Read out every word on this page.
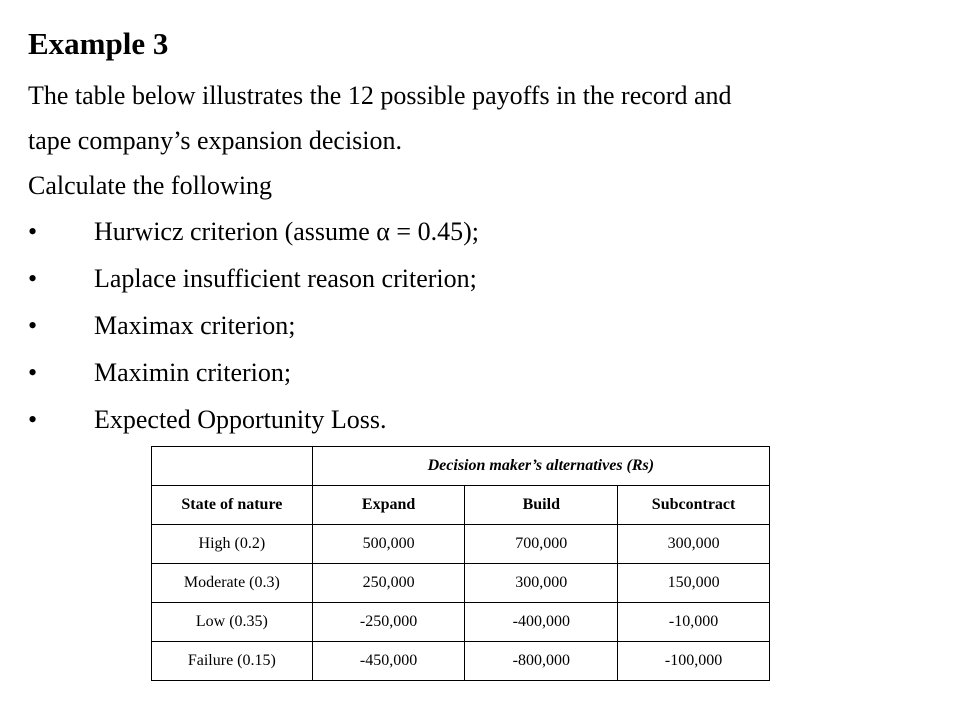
Example 3
The table below illustrates the 12 possible payoffs in the record and
tape company’s expansion decision.
Calculate the following
•	Hurwicz criterion (assume α = 0.45);
•	Laplace insufficient reason criterion;
•	Maximax criterion;
•	Maximin criterion;
•	Expected Opportunity Loss.
	Decision maker’s alternatives (Rs)		
State of nature	Expand	Build	Subcontract
High (0.2)	500,000	700,000	300,000
Moderate (0.3)	250,000	300,000	150,000
Low (0.35)	-250,000	-400,000	-10,000
Failure (0.15)	-450,000	-800,000	-100,000
